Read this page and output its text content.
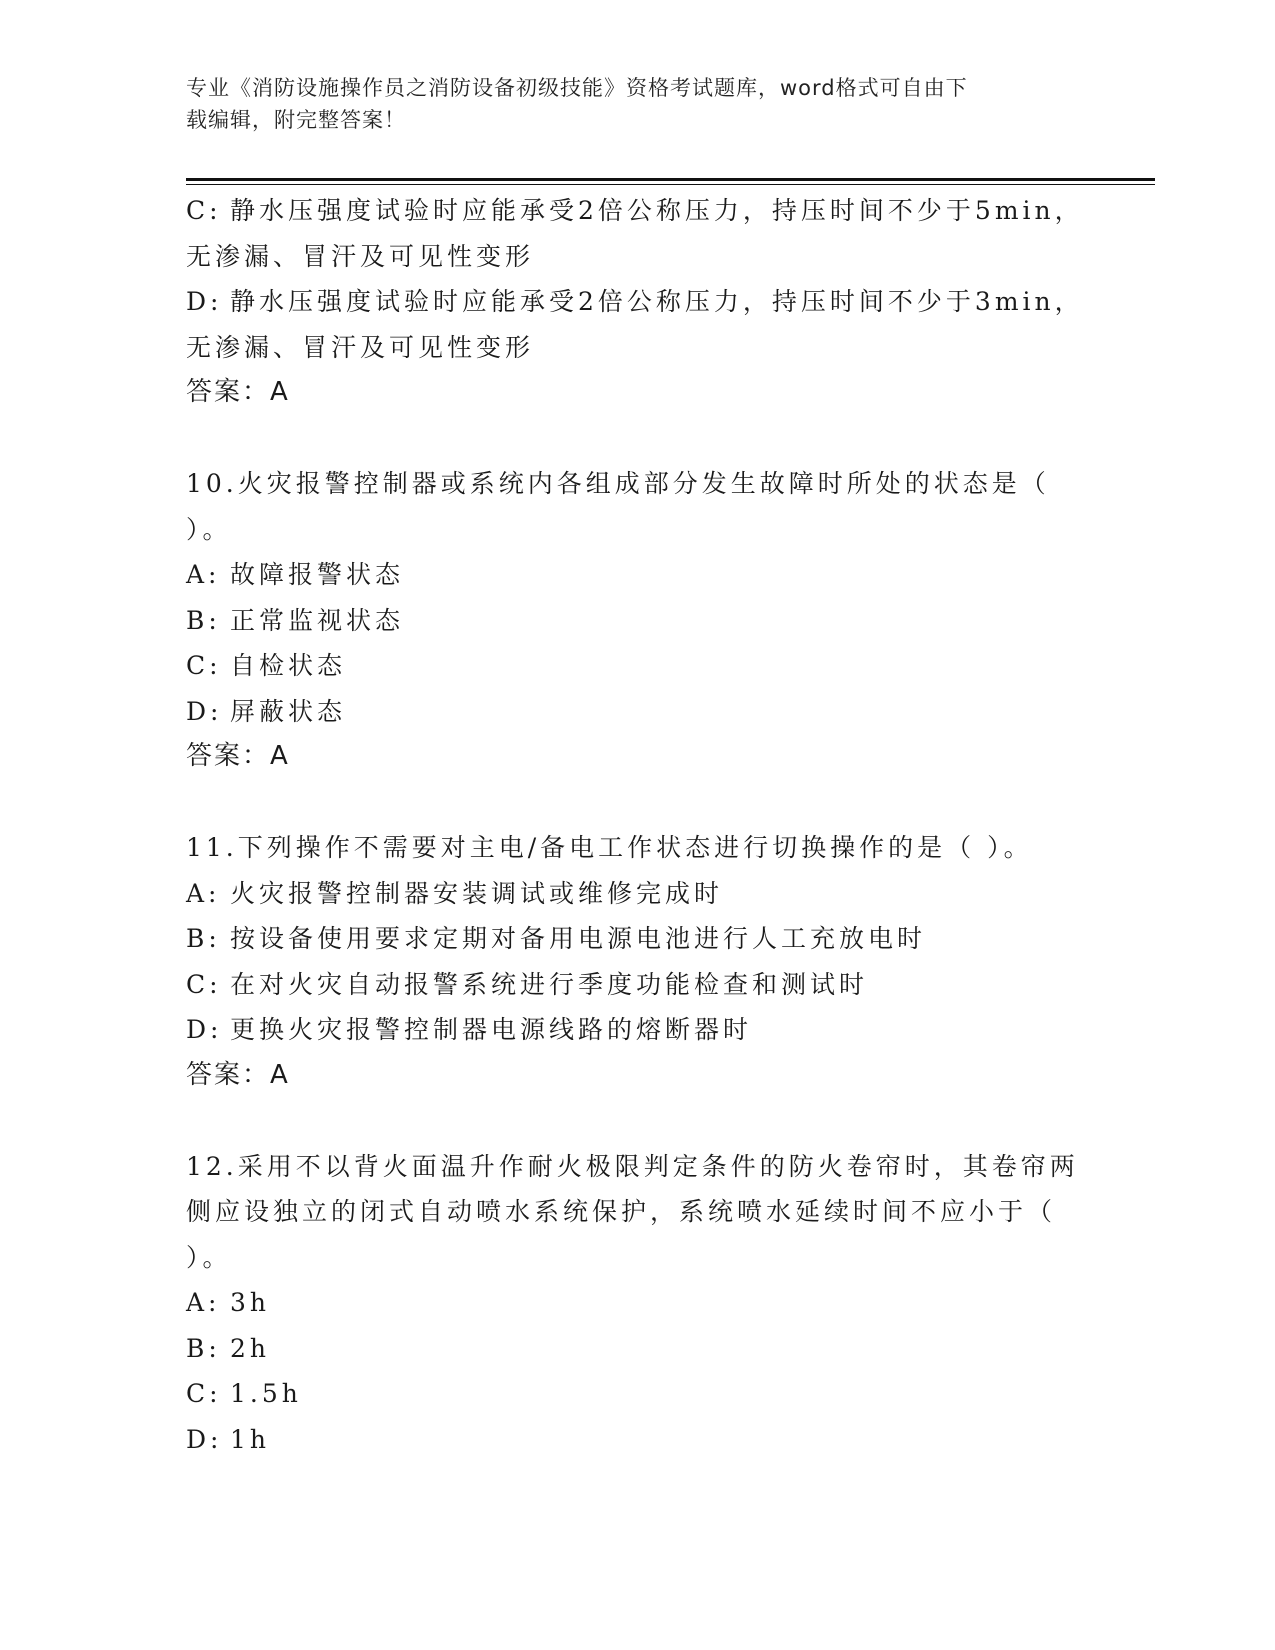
专业《消防设施操作员之消防设备初级技能》资格考试题库，word格式可自由下
载编辑，附完整答案！
C: 静水压强度试验时应能承受2倍公称压力，持压时间不少于5min，
无渗漏、冒汗及可见性变形
D: 静水压强度试验时应能承受2倍公称压力，持压时间不少于3min，
无渗漏、冒汗及可见性变形
答案：A
10.火灾报警控制器或系统内各组成部分发生故障时所处的状态是（
）。
A: 故障报警状态
B: 正常监视状态
C: 自检状态
D: 屏蔽状态
答案：A
11.下列操作不需要对主电/备电工作状态进行切换操作的是（ ）。
A: 火灾报警控制器安装调试或维修完成时
B: 按设备使用要求定期对备用电源电池进行人工充放电时
C: 在对火灾自动报警系统进行季度功能检查和测试时
D: 更换火灾报警控制器电源线路的熔断器时
答案：A
12.采用不以背火面温升作耐火极限判定条件的防火卷帘时，其卷帘两
侧应设独立的闭式自动喷水系统保护，系统喷水延续时间不应小于（
）。
A: 3h
B: 2h
C: 1.5h
D: 1h
